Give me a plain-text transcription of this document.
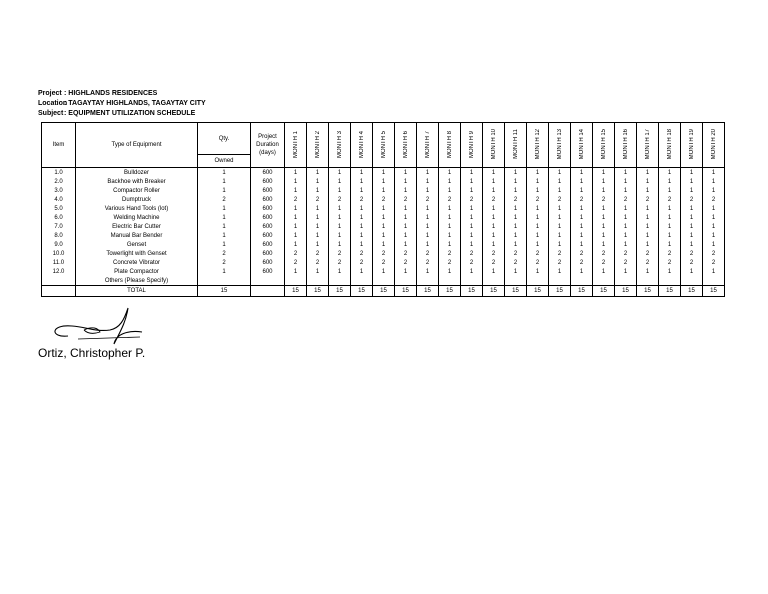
Project : HIGHLANDS RESIDENCES
Location
: TAGAYTAY HIGHLANDS, TAGAYTAY CITY
Subject : EQUIPMENT UTILIZATION SCHEDULE
Item	Type of Equipment	Qty.	Project
Duration
(days)	MONTH 1	MONTH 2	MONTH 3	MONTH 4	MONTH 5	MONTH 6	MONTH 7	MONTH 8	MONTH 9	MONTH 10	MONTH 11	MONTH 12	MONTH 13	MONTH 14	MONTH 15	MONTH 16	MONTH 17	MONTH 18	MONTH 19	MONTH 20
		Owned																					
1.0	Bulldozer	1	600	1	1	1	1	1	1	1	1	1	1	1	1	1	1	1	1	1	1	1	1
2.0	Backhoe with Breaker	1	600	1	1	1	1	1	1	1	1	1	1	1	1	1	1	1	1	1	1	1	1
3.0	Compactor Roller	1	600	1	1	1	1	1	1	1	1	1	1	1	1	1	1	1	1	1	1	1	1
4.0	Dumptruck	2	600	2	2	2	2	2	2	2	2	2	2	2	2	2	2	2	2	2	2	2	2
5.0	Various Hand Tools (lot)	1	600	1	1	1	1	1	1	1	1	1	1	1	1	1	1	1	1	1	1	1	1
6.0	Welding Machine	1	600	1	1	1	1	1	1	1	1	1	1	1	1	1	1	1	1	1	1	1	1
7.0	Electric Bar Cutter	1	600	1	1	1	1	1	1	1	1	1	1	1	1	1	1	1	1	1	1	1	1
8.0	Manual Bar Bender	1	600	1	1	1	1	1	1	1	1	1	1	1	1	1	1	1	1	1	1	1	1
9.0	Genset	1	600	1	1	1	1	1	1	1	1	1	1	1	1	1	1	1	1	1	1	1	1
10.0	Towerlight with Genset	2	600	2	2	2	2	2	2	2	2	2	2	2	2	2	2	2	2	2	2	2	2
11.0	Concrete Vibrator	2	600	2	2	2	2	2	2	2	2	2	2	2	2	2	2	2	2	2	2	2	2
12.0	Plate Compactor	1	600	1	1	1	1	1	1	1	1	1	1	1	1	1	1	1	1	1	1	1	1
	Others (Please Specify)																						
	TOTAL	15		15	15	15	15	15	15	15	15	15	15	15	15	15	15	15	15	15	15	15	15
Ortiz, Christopher P.
